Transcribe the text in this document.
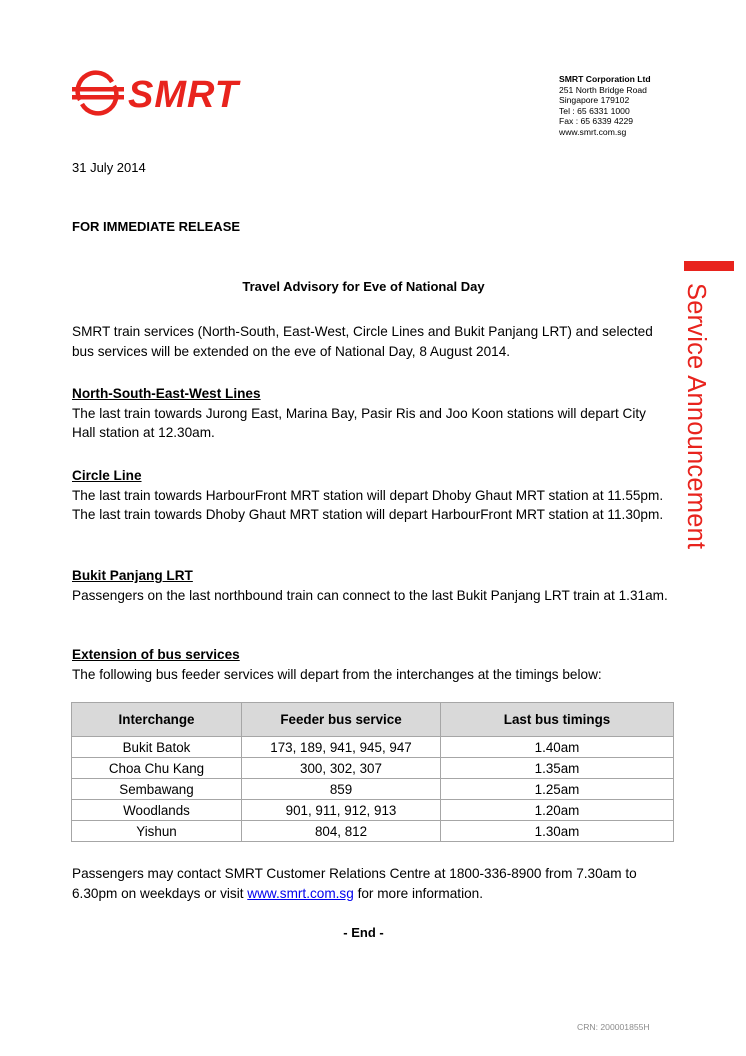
SMRT	SMRT Corporation Ltd
251 North Bridge Road
Singapore 179102
Tel : 65 6331 1000
Fax : 65 6339 4229
www.smrt.com.sg
31 July 2014
FOR IMMEDIATE RELEASE
Travel Advisory for Eve of National Day
SMRT train services (North-South, East-West, Circle Lines and Bukit Panjang LRT) and selected bus services will be extended on the eve of National Day, 8 August 2014.
North-South-East-West Lines
The last train towards Jurong East, Marina Bay, Pasir Ris and Joo Koon stations will depart City Hall station at 12.30am.
Circle Line
The last train towards HarbourFront MRT station will depart Dhoby Ghaut MRT station at 11.55pm. The last train towards Dhoby Ghaut MRT station will depart HarbourFront MRT station at 11.30pm.
Bukit Panjang LRT
Passengers on the last northbound train can connect to the last Bukit Panjang LRT train at 1.31am.
Extension of bus services
The following bus feeder services will depart from the interchanges at the timings below:
Interchange	Feeder bus service	Last bus timings
Bukit Batok	173, 189, 941, 945, 947	1.40am
Choa Chu Kang	300, 302, 307	1.35am
Sembawang	859	1.25am
Woodlands	901, 911, 912, 913	1.20am
Yishun	804, 812	1.30am
Passengers may contact SMRT Customer Relations Centre at 1800-336-8900 from 7.30am to 6.30pm on weekdays or visit www.smrt.com.sg for more information.
- End -
Service Announcement
CRN: 200001855H
